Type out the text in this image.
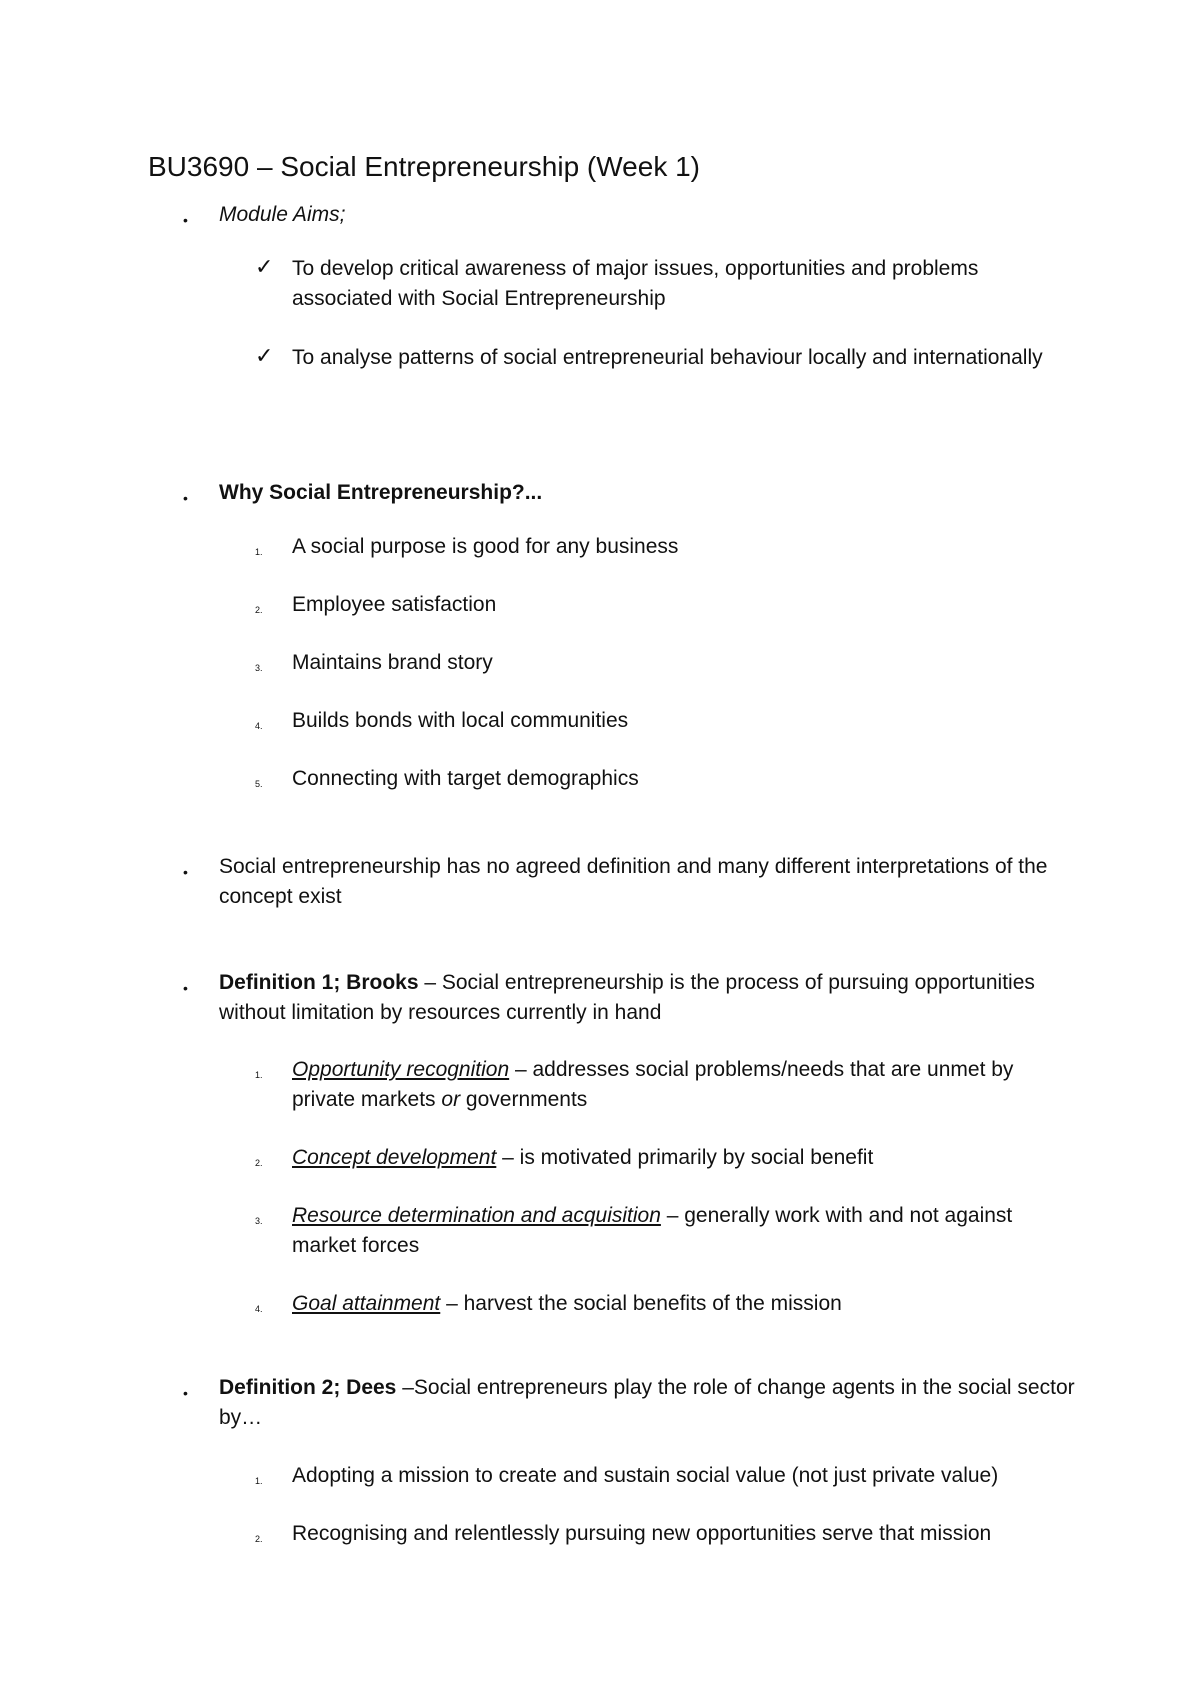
BU3690 – Social Entrepreneurship (Week 1)
• Module Aims;
✓ To develop critical awareness of major issues, opportunities and problems associated with Social Entrepreneurship
✓ To analyse patterns of social entrepreneurial behaviour locally and internationally
• Why Social Entrepreneurship?...
1. A social purpose is good for any business
2. Employee satisfaction
3. Maintains brand story
4. Builds bonds with local communities
5. Connecting with target demographics
• Social entrepreneurship has no agreed definition and many different interpretations of the concept exist
• Definition 1; Brooks – Social entrepreneurship is the process of pursuing opportunities without limitation by resources currently in hand
1. Opportunity recognition – addresses social problems/needs that are unmet by private markets or governments
2. Concept development – is motivated primarily by social benefit
3. Resource determination and acquisition – generally work with and not against market forces
4. Goal attainment – harvest the social benefits of the mission
• Definition 2; Dees –Social entrepreneurs play the role of change agents in the social sector by…
1. Adopting a mission to create and sustain social value (not just private value)
2. Recognising and relentlessly pursuing new opportunities serve that mission
